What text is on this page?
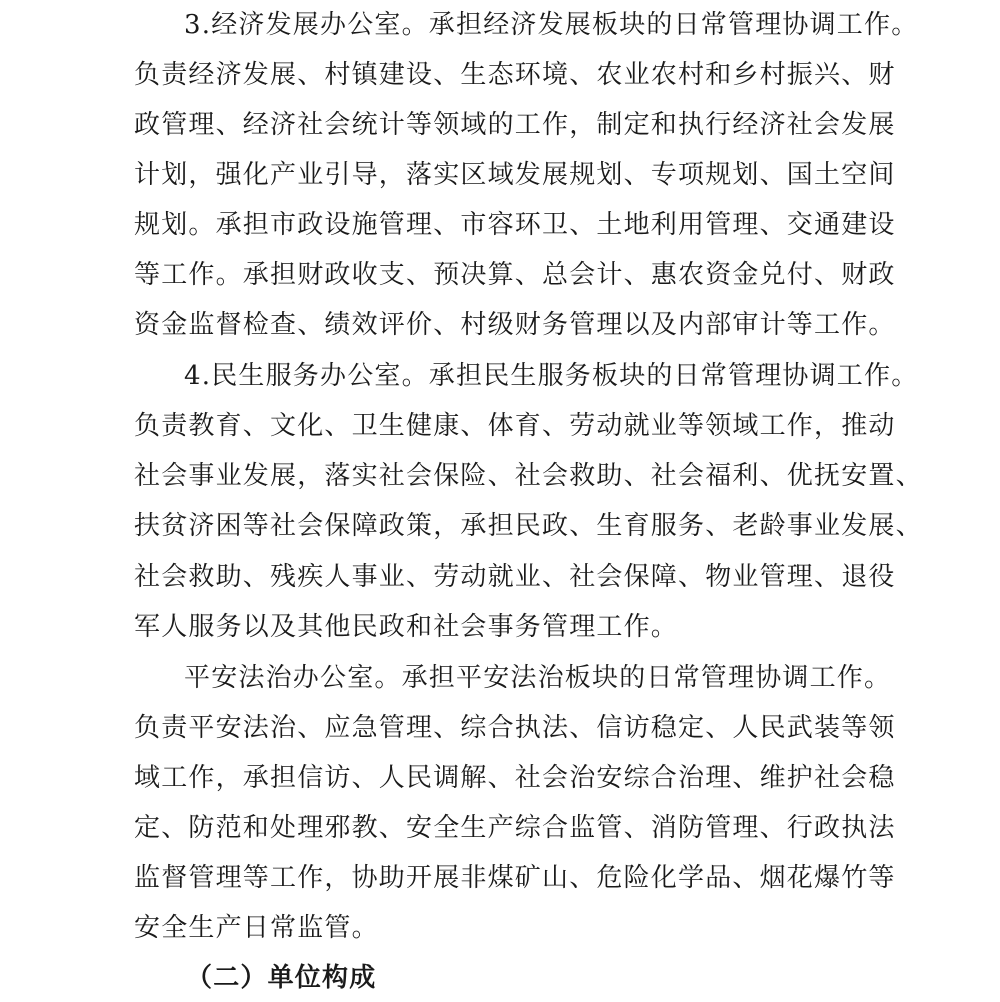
3.经济发展办公室。承担经济发展板块的日常管理协调工作。
负责经济发展、村镇建设、生态环境、农业农村和乡村振兴、财
政管理、经济社会统计等领域的工作，制定和执行经济社会发展
计划，强化产业引导，落实区域发展规划、专项规划、国土空间
规划。承担市政设施管理、市容环卫、土地利用管理、交通建设
等工作。承担财政收支、预决算、总会计、惠农资金兑付、财政
资金监督检查、绩效评价、村级财务管理以及内部审计等工作。
4.民生服务办公室。承担民生服务板块的日常管理协调工作。
负责教育、文化、卫生健康、体育、劳动就业等领域工作，推动
社会事业发展，落实社会保险、社会救助、社会福利、优抚安置、
扶贫济困等社会保障政策，承担民政、生育服务、老龄事业发展、
社会救助、残疾人事业、劳动就业、社会保障、物业管理、退役
军人服务以及其他民政和社会事务管理工作。
平安法治办公室。承担平安法治板块的日常管理协调工作。
负责平安法治、应急管理、综合执法、信访稳定、人民武装等领
域工作，承担信访、人民调解、社会治安综合治理、维护社会稳
定、防范和处理邪教、安全生产综合监管、消防管理、行政执法
监督管理等工作，协助开展非煤矿山、危险化学品、烟花爆竹等
安全生产日常监管。
（二）单位构成
